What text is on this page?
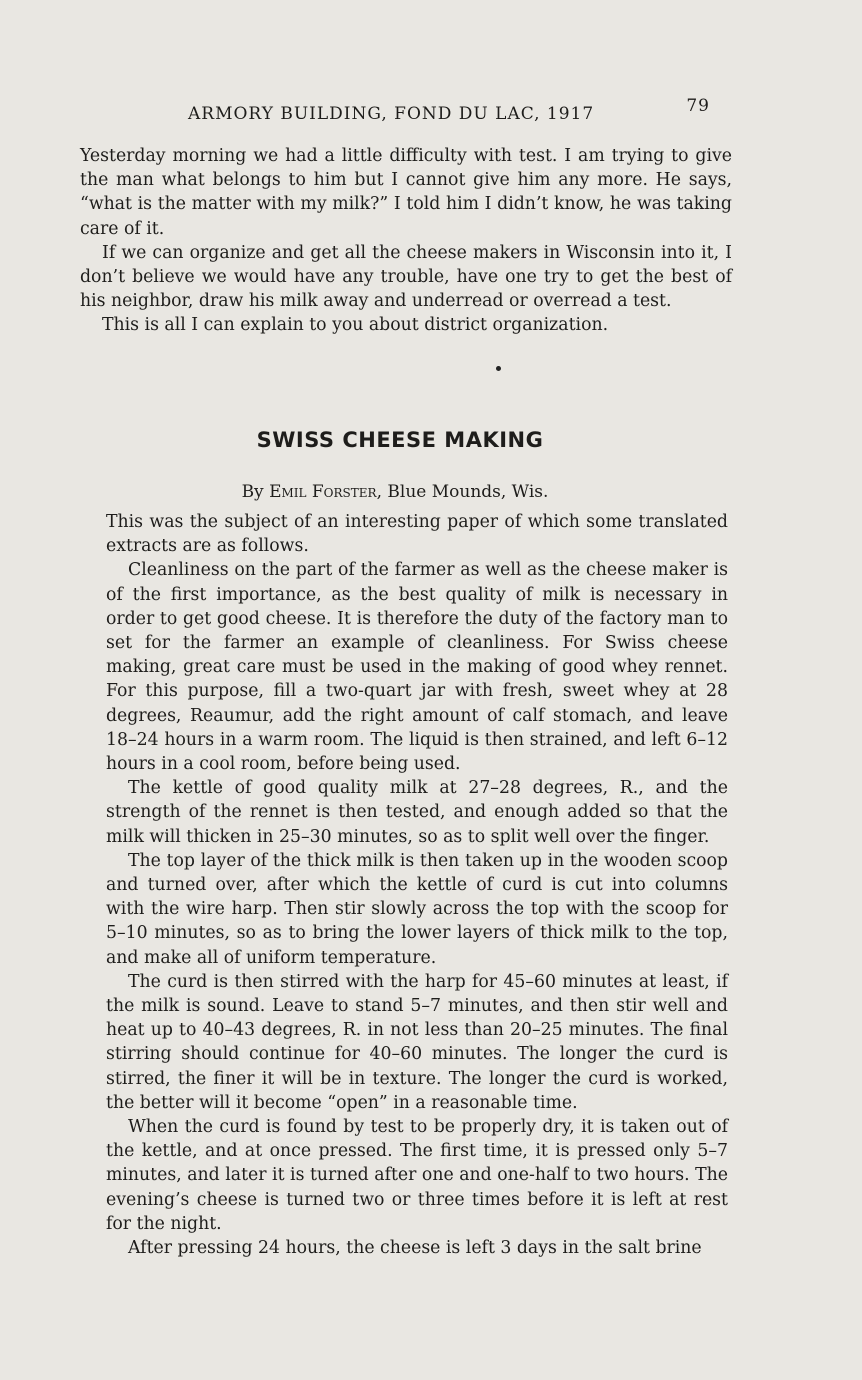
ARMORY BUILDING, FOND DU LAC, 1917	79

Yesterday morning we had a little difficulty with test. I am trying to give the man what belongs to him but I cannot give him any more. He says, “what is the matter with my milk?” I told him I didn’t know, he was taking care of it.

If we can organize and get all the cheese makers in Wisconsin into it, I don’t believe we would have any trouble, have one try to get the best of his neighbor, draw his milk away and underread or overread a test.

This is all I can explain to you about district organization.

SWISS CHEESE MAKING
By Emil Forster, Blue Mounds, Wis.

This was the subject of an interesting paper of which some translated extracts are as follows.

Cleanliness on the part of the farmer as well as the cheese maker is of the first importance, as the best quality of milk is necessary in order to get good cheese. It is therefore the duty of the factory man to set for the farmer an example of cleanliness. For Swiss cheese making, great care must be used in the making of good whey rennet. For this purpose, fill a two-quart jar with fresh, sweet whey at 28 degrees, Reaumur, add the right amount of calf stomach, and leave 18–24 hours in a warm room. The liquid is then strained, and left 6–12 hours in a cool room, before being used.

The kettle of good quality milk at 27–28 degrees, R., and the strength of the rennet is then tested, and enough added so that the milk will thicken in 25–30 minutes, so as to split well over the finger.

The top layer of the thick milk is then taken up in the wooden scoop and turned over, after which the kettle of curd is cut into columns with the wire harp. Then stir slowly across the top with the scoop for 5–10 minutes, so as to bring the lower layers of thick milk to the top, and make all of uniform temperature.

The curd is then stirred with the harp for 45–60 minutes at least, if the milk is sound. Leave to stand 5–7 minutes, and then stir well and heat up to 40–43 degrees, R. in not less than 20–25 minutes. The final stirring should continue for 40–60 minutes. The longer the curd is stirred, the finer it will be in texture. The longer the curd is worked, the better will it become “open” in a reasonable time.

When the curd is found by test to be properly dry, it is taken out of the kettle, and at once pressed. The first time, it is pressed only 5–7 minutes, and later it is turned after one and one-half to two hours. The evening’s cheese is turned two or three times before it is left at rest for the night.

After pressing 24 hours, the cheese is left 3 days in the salt brine
